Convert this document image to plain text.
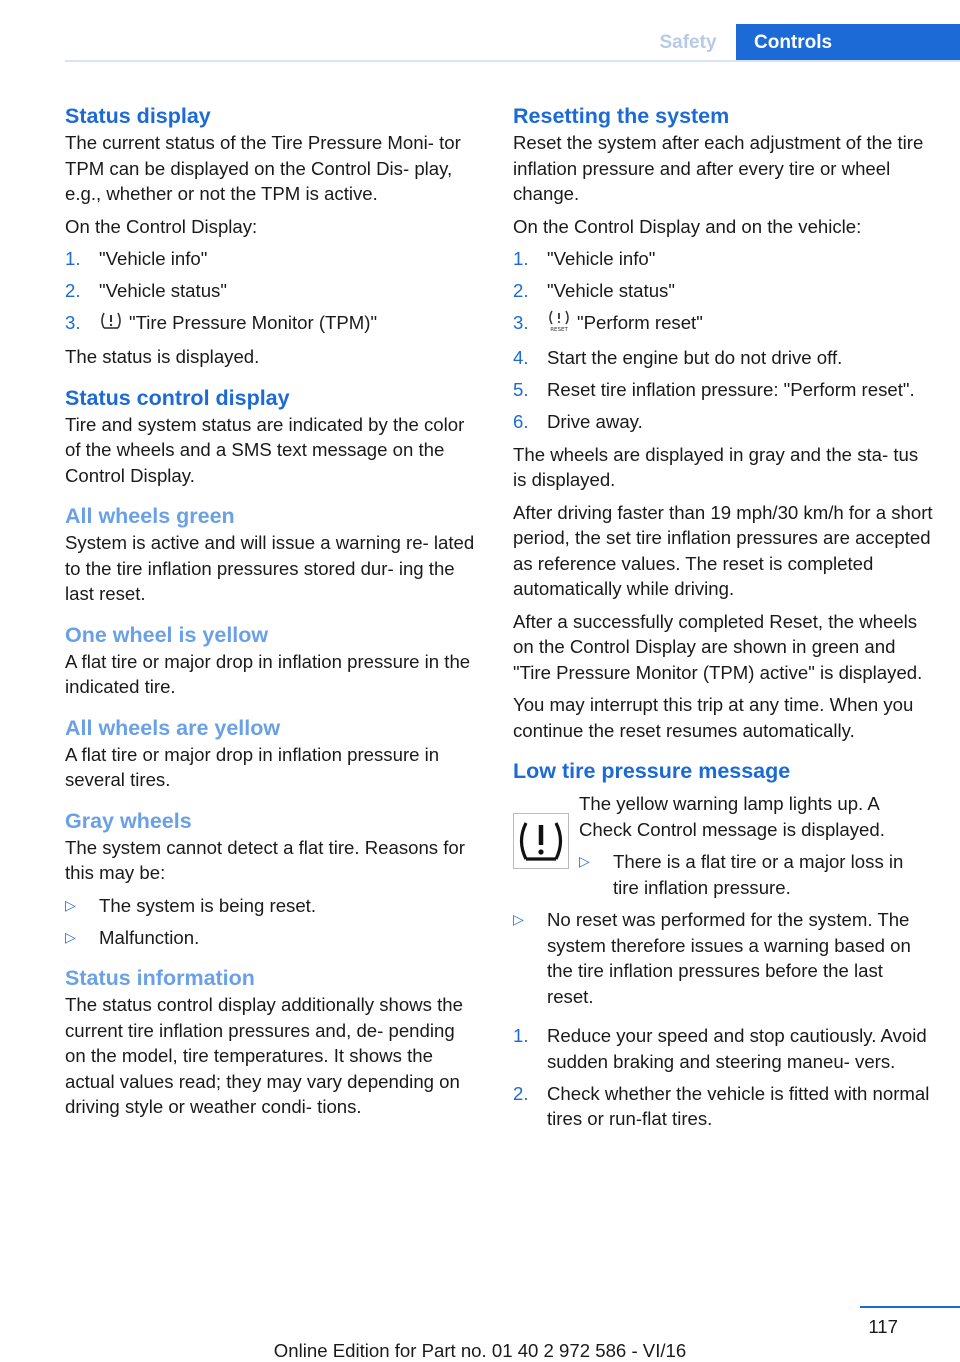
Safety	Controls
Status display

The current status of the Tire Pressure Moni‐ tor TPM can be displayed on the Control Dis‐ play, e.g., whether or not the TPM is active.

On the Control Display:

1. "Vehicle info"
2. "Vehicle status"
3.	"Tire Pressure Monitor (TPM)"

The status is displayed.

Status control display

Tire and system status are indicated by the color of the wheels and a SMS text message on the Control Display.

All wheels green

System is active and will issue a warning re‐ lated to the tire inflation pressures stored dur‐ ing the last reset.

One wheel is yellow

A flat tire or major drop in inflation pressure in the indicated tire.

All wheels are yellow

A flat tire or major drop in inflation pressure in several tires.

Gray wheels

The system cannot detect a flat tire. Reasons for this may be:

▷ The system is being reset.
▷ Malfunction.
Status information

The status control display additionally shows the current tire inflation pressures and, de‐ pending on the model, tire temperatures. It shows the actual values read; they may vary depending on driving style or weather condi‐ tions.

Resetting the system

Reset the system after each adjustment of the tire inflation pressure and after every tire or wheel change.

On the Control Display and on the vehicle:

1. "Vehicle info"
2. "Vehicle status"
3.	RESET "Perform reset"
4. Start the engine but do not drive off.
5. Reset tire inflation pressure: "Perform reset".
6. Drive away.

The wheels are displayed in gray and the sta‐ tus is displayed.

After driving faster than 19 mph/30 km/h for a short period, the set tire inflation pressures are accepted as reference values. The reset is completed automatically while driving.

After a successfully completed Reset, the wheels on the Control Display are shown in green and "Tire Pressure Monitor (TPM) active" is displayed.

You may interrupt this trip at any time. When you continue the reset resumes automatically.

Low tire pressure message

The yellow warning lamp lights up. A Check Control message is displayed.

▷ There is a flat tire or a major loss in tire inflation pressure.
▷ No reset was performed for the system. The system therefore issues a warning based on the tire inflation pressures before the last reset.
1. Reduce your speed and stop cautiously. Avoid sudden braking and steering maneu‐ vers.
2. Check whether the vehicle is fitted with normal tires or run-flat tires.
117
Online Edition for Part no. 01 40 2 972 586 - VI/16
